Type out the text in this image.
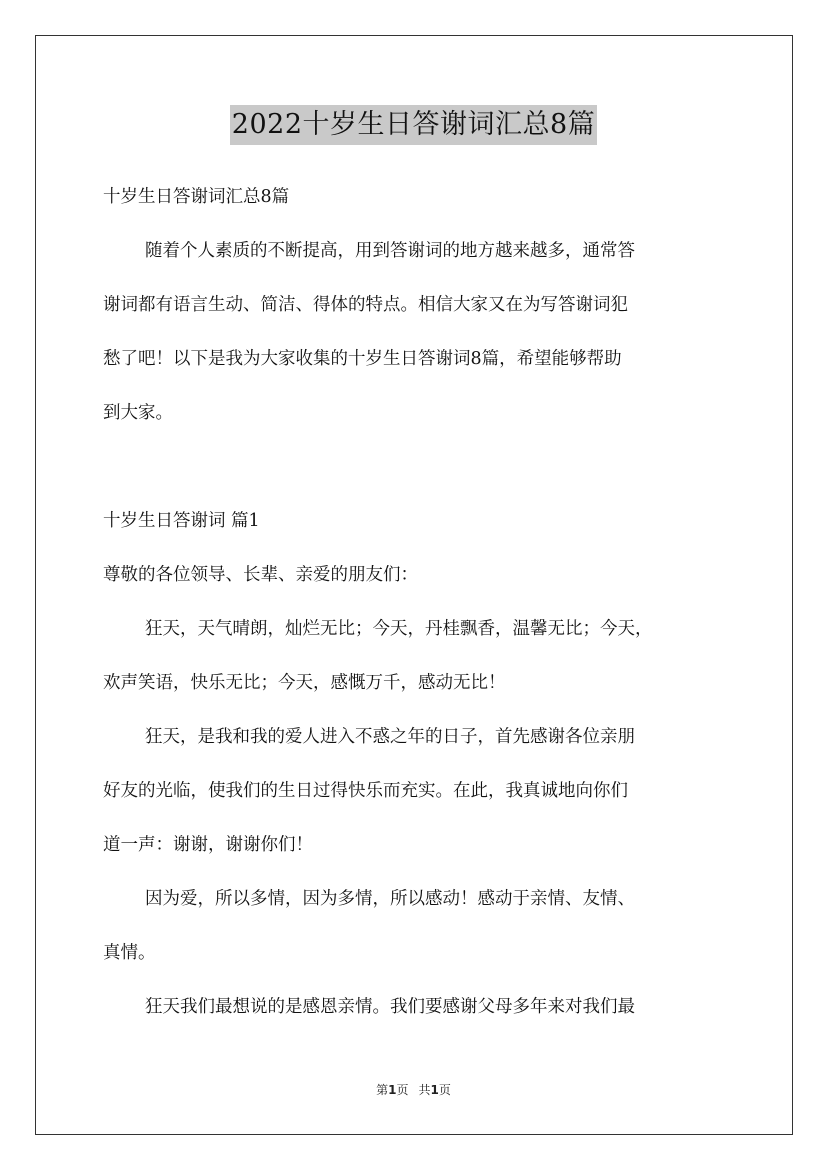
2022十岁生日答谢词汇总8篇

十岁生日答谢词汇总8篇

随着个人素质的不断提高，用到答谢词的地方越来越多，通常答

谢词都有语言生动、简洁、得体的特点。相信大家又在为写答谢词犯

愁了吧！以下是我为大家收集的十岁生日答谢词8篇，希望能够帮助

到大家。

十岁生日答谢词 篇1

尊敬的各位领导、长辈、亲爱的朋友们：

狂天，天气晴朗，灿烂无比；今天，丹桂飘香，温馨无比；今天，

欢声笑语，快乐无比；今天，感慨万千，感动无比！

狂天，是我和我的爱人进入不惑之年的日子，首先感谢各位亲朋

好友的光临，使我们的生日过得快乐而充实。在此，我真诚地向你们

道一声：谢谢，谢谢你们！

因为爱，所以多情，因为多情，所以感动！感动于亲情、友情、

真情。

狂天我们最想说的是感恩亲情。我们要感谢父母多年来对我们最

第1页 共1页
